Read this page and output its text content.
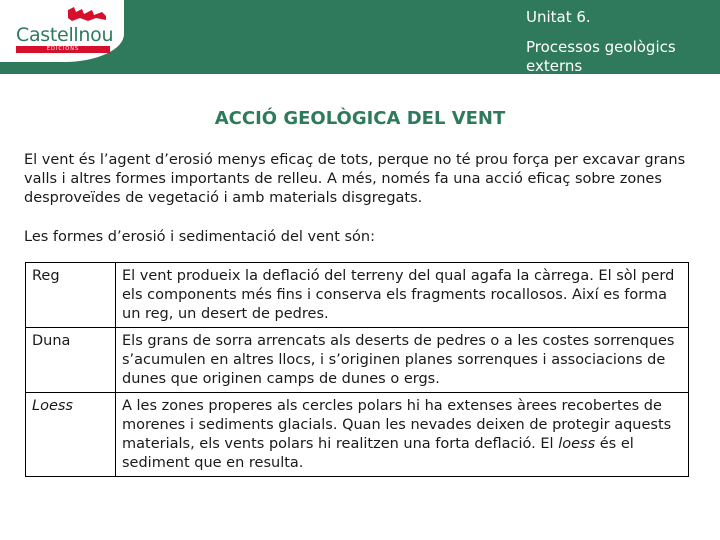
Castellnou
EDICIONS

Unitat 6.

Processos geològics externs

ACCIÓ GEOLÒGICA DEL VENT

El vent és l’agent d’erosió menys eficaç de tots, perque no té prou força per excavar grans valls i altres formes importants de relleu. A més, només fa una acció eficaç sobre zones desproveïdes de vegetació i amb materials disgregats.

Les formes d’erosió i sedimentació del vent són:

Reg	El vent produeix la deflació del terreny del qual agafa la càrrega. El sòl perd els components més fins i conserva els fragments rocallosos. Així es forma un reg, un desert de pedres.
Duna	Els grans de sorra arrencats als deserts de pedres o a les costes sorrenques s’acumulen en altres llocs, i s’originen planes sorrenques i associacions de dunes que originen camps de dunes o ergs.
Loess	A les zones properes als cercles polars hi ha extenses àrees recobertes de morenes i sediments glacials. Quan les nevades deixen de protegir aquests materials, els vents polars hi realitzen una forta deflació. El loess és el sediment que en resulta.
